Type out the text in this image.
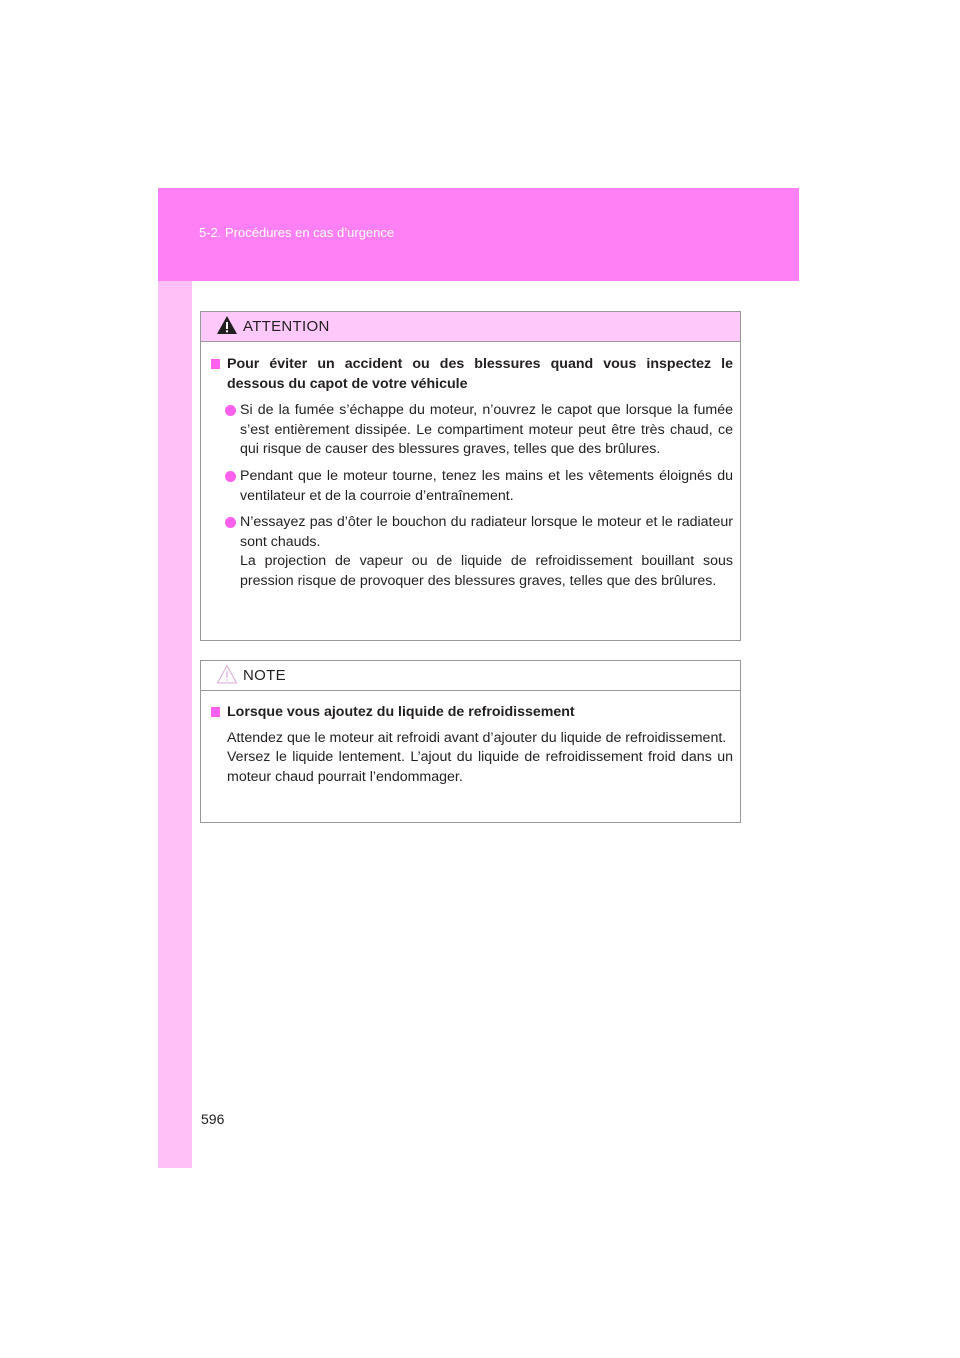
5-2. Procédures en cas d’urgence
ATTENTION
Pour éviter un accident ou des blessures quand vous inspectez le dessous du capot de votre véhicule
Si de la fumée s’échappe du moteur, n’ouvrez le capot que lorsque la fumée s’est entièrement dissipée. Le compartiment moteur peut être très chaud, ce qui risque de causer des blessures graves, telles que des brûlures.
Pendant que le moteur tourne, tenez les mains et les vêtements éloignés du ventilateur et de la courroie d’entraînement.
N’essayez pas d’ôter le bouchon du radiateur lorsque le moteur et le radiateur sont chauds.
La projection de vapeur ou de liquide de refroidissement bouillant sous pression risque de provoquer des blessures graves, telles que des brûlures.
NOTE
Lorsque vous ajoutez du liquide de refroidissement
Attendez que le moteur ait refroidi avant d’ajouter du liquide de refroidissement.
Versez le liquide lentement. L’ajout du liquide de refroidissement froid dans un moteur chaud pourrait l’endommager.
596
